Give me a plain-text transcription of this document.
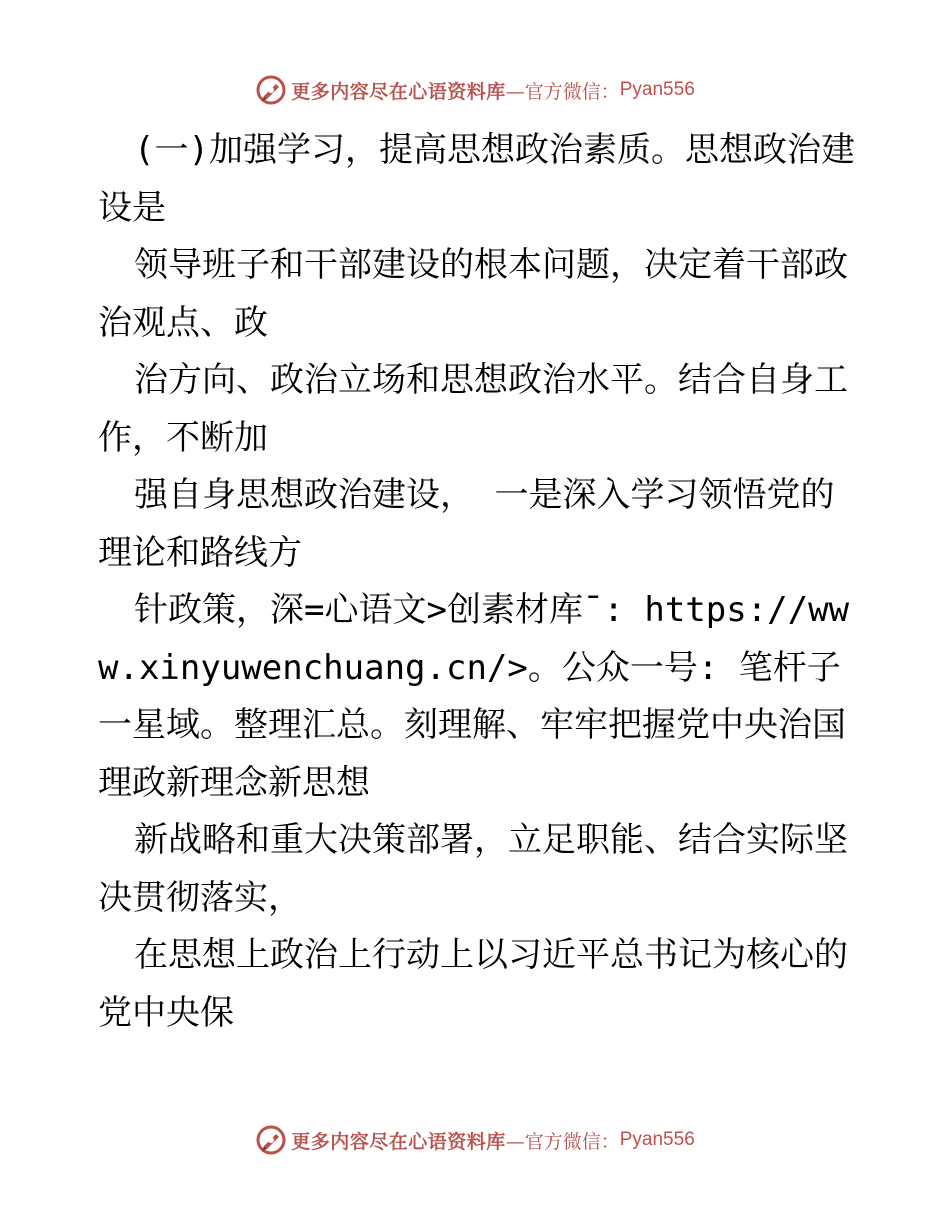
更多内容尽在心语资料库 —官方微信： Pyan556

(一)加强学习，提高思想政治素质。思想政治建设是

领导班子和干部建设的根本问题，决定着干部政治观点、政

治方向、政治立场和思想政治水平。结合自身工作，不断加

强自身思想政治建设， 一是深入学习领悟党的理论和路线方

针政策，深=心语文>创素材库¯: https://www.xinyuwenchuang.cn/>。公众一号: 笔杆子一星域。整理汇总。刻理解、牢牢把握党中央治国理政新理念新思想

新战略和重大决策部署，立足职能、结合实际坚决贯彻落实，

在思想上政治上行动上以习近平总书记为核心的党中央保

更多内容尽在心语资料库 —官方微信： Pyan556
